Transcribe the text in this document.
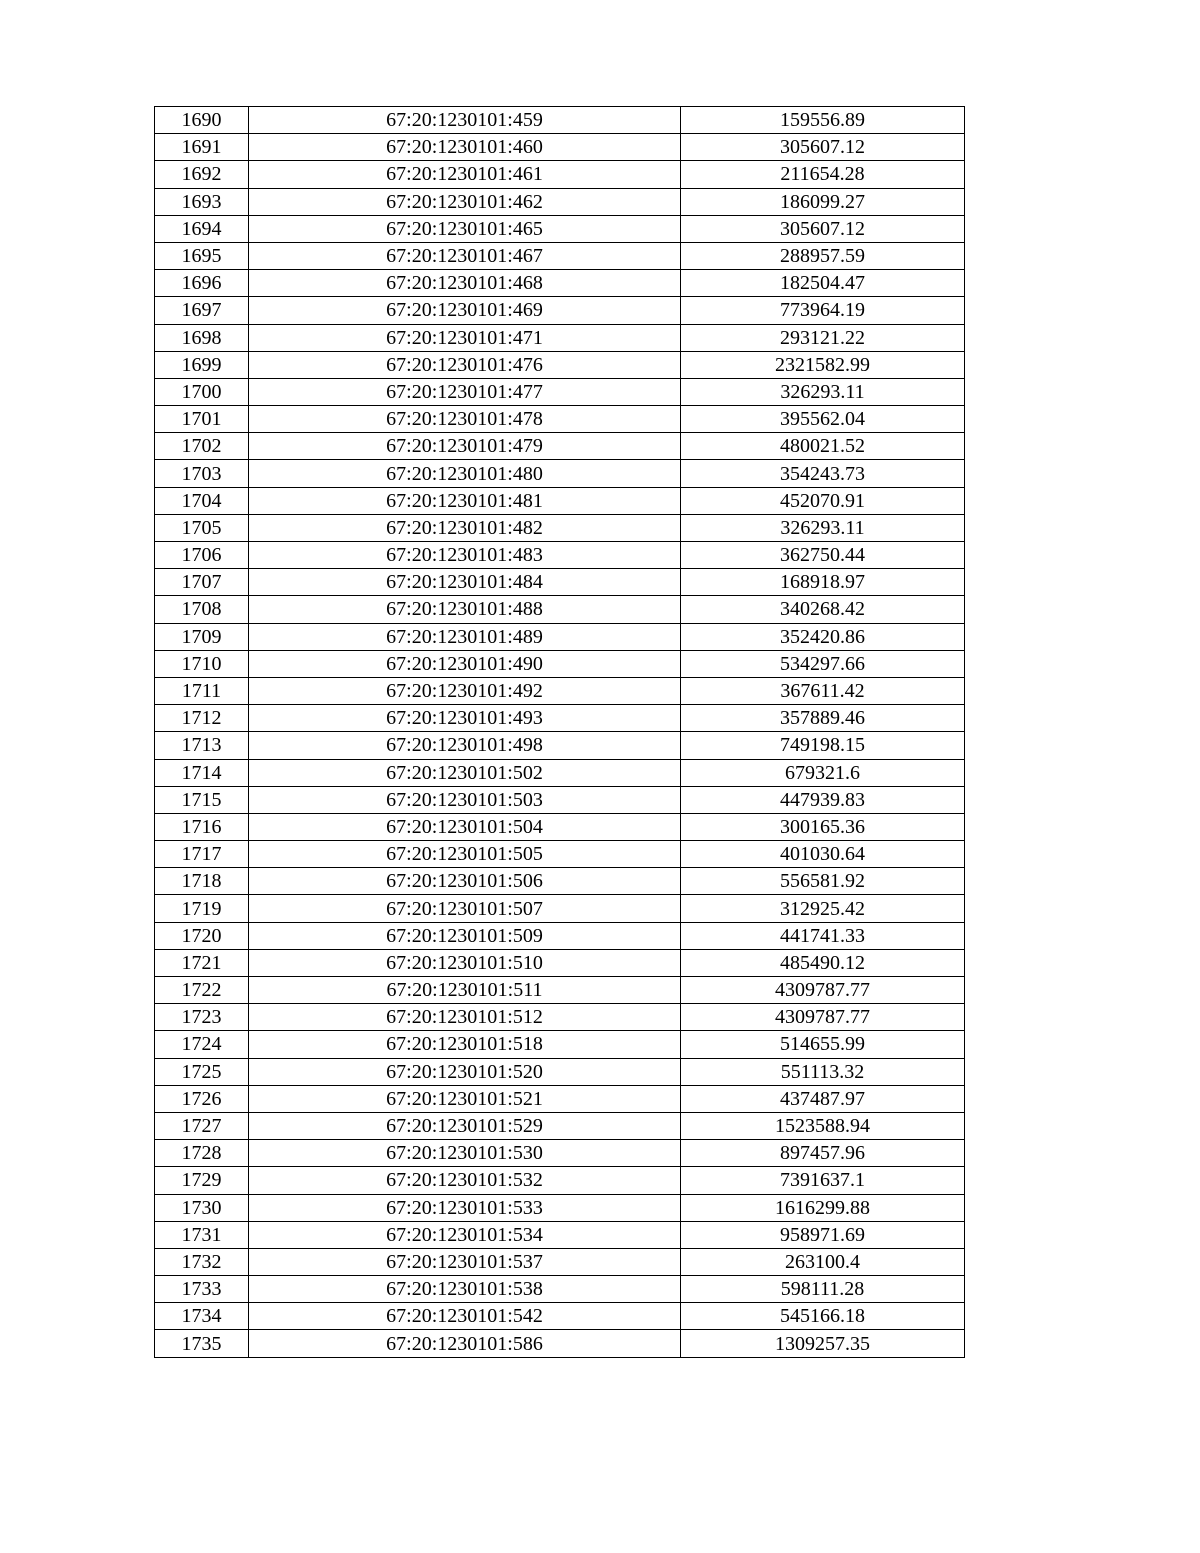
1690	67:20:1230101:459	159556.89
1691	67:20:1230101:460	305607.12
1692	67:20:1230101:461	211654.28
1693	67:20:1230101:462	186099.27
1694	67:20:1230101:465	305607.12
1695	67:20:1230101:467	288957.59
1696	67:20:1230101:468	182504.47
1697	67:20:1230101:469	773964.19
1698	67:20:1230101:471	293121.22
1699	67:20:1230101:476	2321582.99
1700	67:20:1230101:477	326293.11
1701	67:20:1230101:478	395562.04
1702	67:20:1230101:479	480021.52
1703	67:20:1230101:480	354243.73
1704	67:20:1230101:481	452070.91
1705	67:20:1230101:482	326293.11
1706	67:20:1230101:483	362750.44
1707	67:20:1230101:484	168918.97
1708	67:20:1230101:488	340268.42
1709	67:20:1230101:489	352420.86
1710	67:20:1230101:490	534297.66
1711	67:20:1230101:492	367611.42
1712	67:20:1230101:493	357889.46
1713	67:20:1230101:498	749198.15
1714	67:20:1230101:502	679321.6
1715	67:20:1230101:503	447939.83
1716	67:20:1230101:504	300165.36
1717	67:20:1230101:505	401030.64
1718	67:20:1230101:506	556581.92
1719	67:20:1230101:507	312925.42
1720	67:20:1230101:509	441741.33
1721	67:20:1230101:510	485490.12
1722	67:20:1230101:511	4309787.77
1723	67:20:1230101:512	4309787.77
1724	67:20:1230101:518	514655.99
1725	67:20:1230101:520	551113.32
1726	67:20:1230101:521	437487.97
1727	67:20:1230101:529	1523588.94
1728	67:20:1230101:530	897457.96
1729	67:20:1230101:532	7391637.1
1730	67:20:1230101:533	1616299.88
1731	67:20:1230101:534	958971.69
1732	67:20:1230101:537	263100.4
1733	67:20:1230101:538	598111.28
1734	67:20:1230101:542	545166.18
1735	67:20:1230101:586	1309257.35
